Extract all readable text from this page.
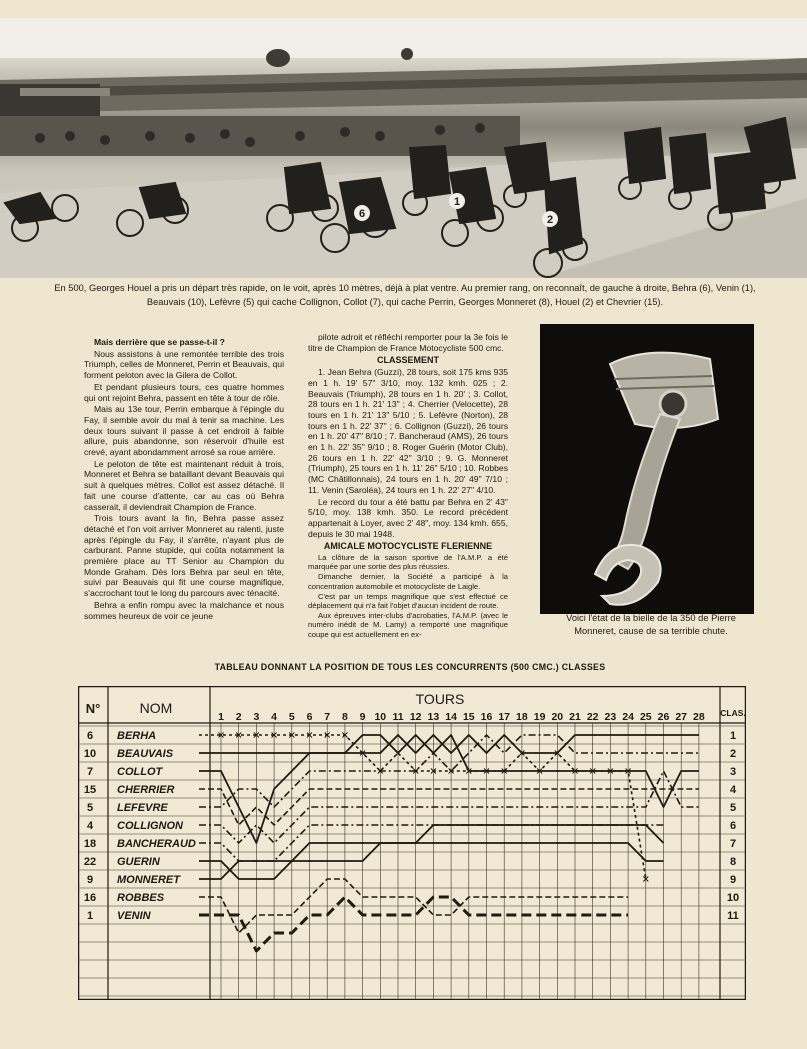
6
1
2
En 500, Georges Houel a pris un départ très rapide, on le voit, après 10 mètres, déjà à plat ventre. Au premier rang, on reconnaît, de gauche à droite, Behra (6), Venin (1), Beauvais (10), Lefèvre (5) qui cache Collignon, Collot (7), qui cache Perrin, Georges Monneret (8), Houel (2) et Chevrier (15).

Mais derrière que se passe-t-il ?

Nous assistons à une remontée terrible des trois Triumph, celles de Monneret, Perrin et Beauvais, qui forment peloton avec la Gilera de Collot.

Et pendant plusieurs tours, ces quatre hommes qui ont rejoint Behra, passent en tête à tour de rôle.

Mais au 13e tour, Perrin embarque à l'épingle du Fay, il semble avoir du mal à tenir sa machine. Les deux tours suivant il passe à cet endroit à faible allure, puis abandonne, son réservoir d'huile est crevé, ayant abondamment arrosé sa roue arrière.

Le peloton de tête est maintenant réduit à trois, Monneret et Behra se bataillant devant Beauvais qui suit à quelques mètres. Collot est assez détaché. Il fait une course d'attente, car au cas où Behra casserait, il deviendrait Champion de France.

Trois tours avant la fin, Behra passe assez détaché et l'on voit arriver Monneret au ralenti, juste après l'épingle du Fay, il s'arrête, n'ayant plus de carburant. Panne stupide, qui coûta notamment la première place au TT Senior au Champion du Monde Graham. Dès lors Behra par seul en tête, suivi par Beauvais qui fit une course magnifique, s'accrochant tout le long du parcours avec ténacité.

Behra a enfin rompu avec la malchance et nous sommes heureux de voir ce jeune

pilote adroit et réfléchi remporter pour la 3e fois le titre de Champion de France Motocycliste 500 cmc.

CLASSEMENT

1. Jean Behra (Guzzi), 28 tours, soit 175 kms 935 en 1 h. 19' 57" 3/10, moy. 132 kmh. 025 ; 2. Beauvais (Triumph), 28 tours en 1 h. 20' ; 3. Collot, 28 tours en 1 h. 21' 13" ; 4. Cherrier (Velocette), 28 tours en 1 h. 21' 13" 5/10 ; 5. Lefèvre (Norton), 28 tours en 1 h. 22' 37" ; 6. Collignon (Guzzi), 26 tours en 1 h. 20' 47" 8/10 ; 7. Bancheraud (AMS), 26 tours en 1 h. 22' 35" 9/10 ; 8. Roger Guérin (Motor Club), 26 tours en 1 h. 22' 42" 3/10 ; 9. G. Monneret (Triumph), 25 tours en 1 h. 11' 26" 5/10 ; 10. Robbes (MC Châtillonnais), 24 tours en 1 h. 20' 49" 7/10 ; 11. Venin (Saroléa), 24 tours en 1 h. 22' 27" 4/10.

Le record du tour a été battu par Behra en 2' 43" 5/10, moy. 138 kmh. 350. Le record précédent appartenait à Loyer, avec 2' 48", moy. 134 kmh. 655, depuis le 30 mai 1948.

AMICALE MOTOCYCLISTE FLERIENNE

La clôture de la saison sportive de l'A.M.P. a été marquée par une sortie des plus réussies.

Dimanche dernier, la Société a participé à la concentration automobile et motocycliste de Laigle.

C'est par un temps magnifique que s'est effectué ce déplacement qui n'a fait l'objet d'aucun incident de route.

Aux épreuves inter-clubs d'acrobaties, l'A.M.P. (avec le numéro inédit de M. Lamy) a remporté une magnifique coupe qui est actuellement en ex-

Voici l'état de la bielle de la 350 de Pierre Monneret, cause de sa terrible chute.
TABLEAU DONNANT LA POSITION DE TOUS LES CONCURRENTS (500 CMC.) CLASSES
N°	NOM
TOURS
CLAS.
6 BERHA	1
10 BEAUVAIS	2
7 COLLOT	3
15 CHERRIER	4
5 LEFEVRE	5
4 COLLIGNON	6
18 BANCHERAUD	7
22 GUERIN	8
9 MONNERET	9
16 ROBBES	10
1 VENIN	11
1 2 3 4 5 6 7 8 9 10 11 12 13 14 15 16 17 18 19 20 21 22 23 24 25 26 27 28
